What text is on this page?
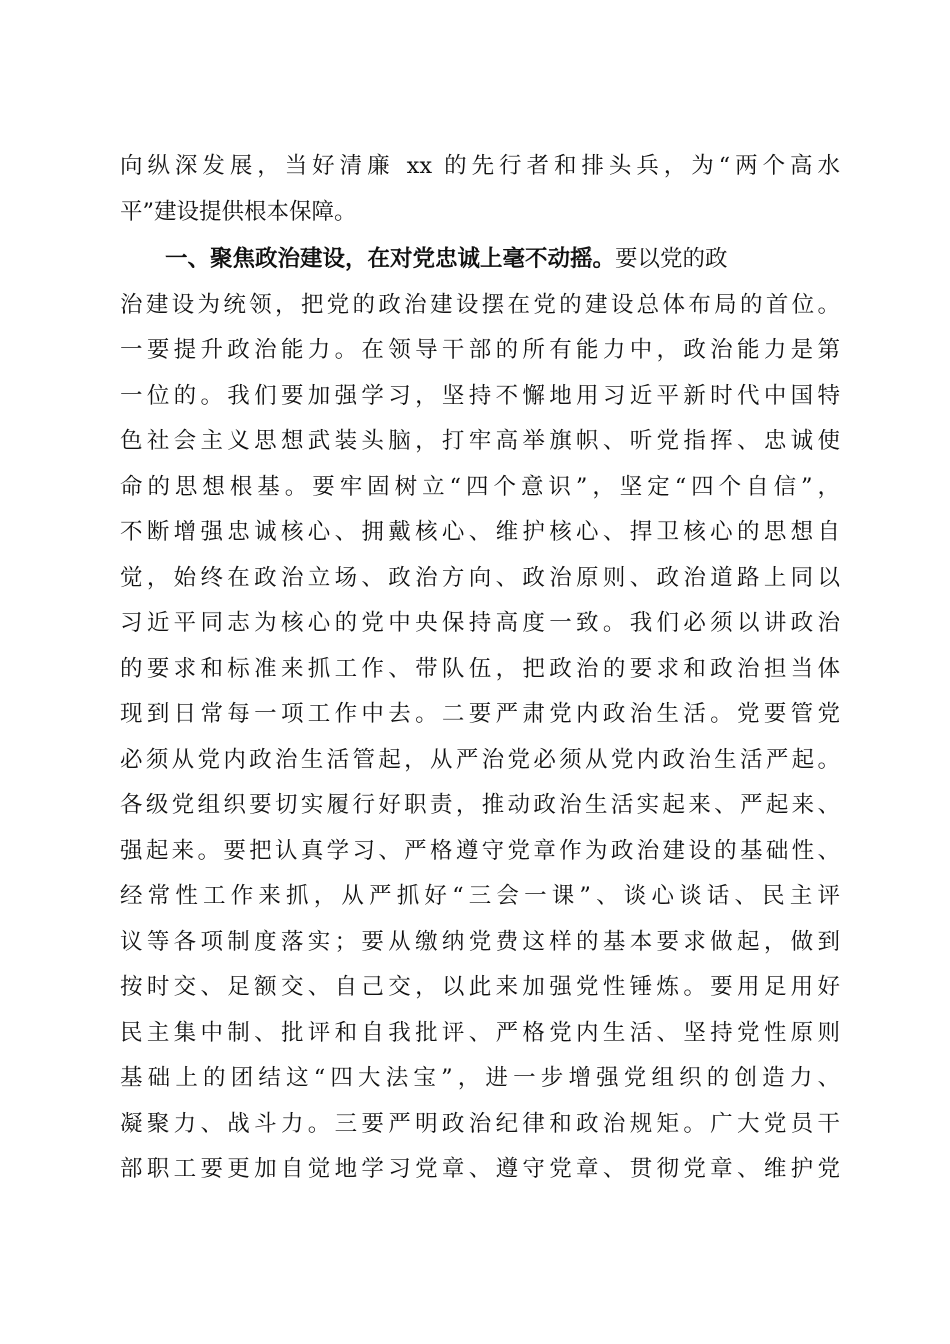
向纵深发展，当好清廉 xx 的先行者和排头兵，为“两个高水
平”建设提供根本保障。
一、聚焦政治建设，在对党忠诚上毫不动摇。要以党的政
治建设为统领，把党的政治建设摆在党的建设总体布局的首位。
一要提升政治能力。在领导干部的所有能力中，政治能力是第
一位的。我们要加强学习，坚持不懈地用习近平新时代中国特
色社会主义思想武装头脑，打牢高举旗帜、听党指挥、忠诚使
命的思想根基。要牢固树立“四个意识”，坚定“四个自信”，
不断增强忠诚核心、拥戴核心、维护核心、捍卫核心的思想自
觉，始终在政治立场、政治方向、政治原则、政治道路上同以
习近平同志为核心的党中央保持高度一致。我们必须以讲政治
的要求和标准来抓工作、带队伍，把政治的要求和政治担当体
现到日常每一项工作中去。二要严肃党内政治生活。党要管党
必须从党内政治生活管起，从严治党必须从党内政治生活严起。
各级党组织要切实履行好职责，推动政治生活实起来、严起来、
强起来。要把认真学习、严格遵守党章作为政治建设的基础性、
经常性工作来抓，从严抓好“三会一课”、谈心谈话、民主评
议等各项制度落实；要从缴纳党费这样的基本要求做起，做到
按时交、足额交、自己交，以此来加强党性锤炼。要用足用好
民主集中制、批评和自我批评、严格党内生活、坚持党性原则
基础上的团结这“四大法宝”，进一步增强党组织的创造力、
凝聚力、战斗力。三要严明政治纪律和政治规矩。广大党员干
部职工要更加自觉地学习党章、遵守党章、贯彻党章、维护党
